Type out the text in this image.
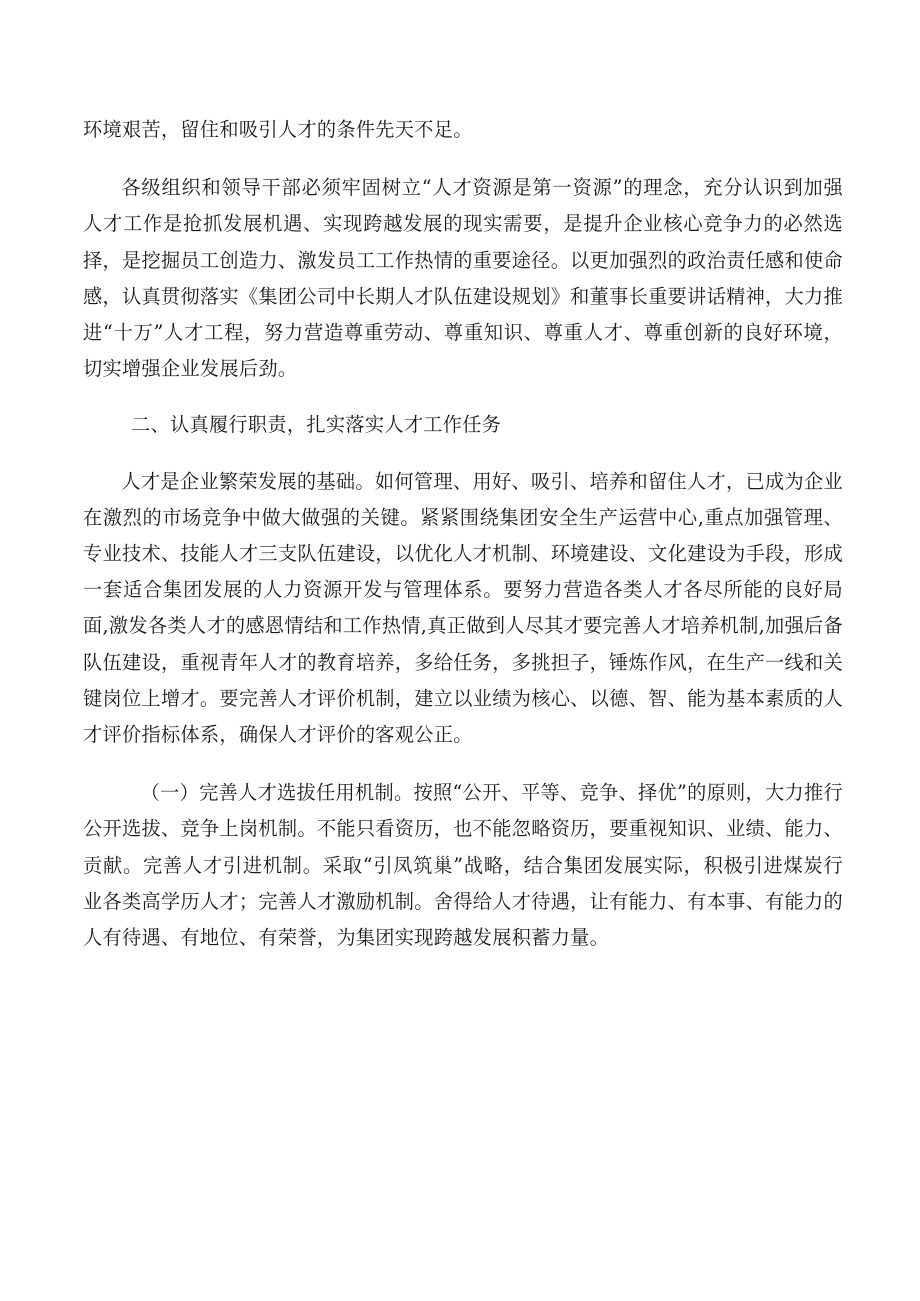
环境艰苦，留住和吸引人才的条件先天不足。

各级组织和领导干部必须牢固树立“人才资源是第一资源”的理念，充分认识到加强人才工作是抢抓发展机遇、实现跨越发展的现实需要，是提升企业核心竞争力的必然选择，是挖掘员工创造力、激发员工工作热情的重要途径。以更加强烈的政治责任感和使命感，认真贯彻落实《集团公司中长期人才队伍建设规划》和董事长重要讲话精神，大力推进“十万”人才工程，努力营造尊重劳动、尊重知识、尊重人才、尊重创新的良好环境，切实增强企业发展后劲。

二、认真履行职责，扎实落实人才工作任务

人才是企业繁荣发展的基础。如何管理、用好、吸引、培养和留住人才，已成为企业在激烈的市场竞争中做大做强的关键。紧紧围绕集团安全生产运营中心,重点加强管理、专业技术、技能人才三支队伍建设，以优化人才机制、环境建设、文化建设为手段，形成一套适合集团发展的人力资源开发与管理体系。要努力营造各类人才各尽所能的良好局面,激发各类人才的感恩情结和工作热情,真正做到人尽其才要完善人才培养机制,加强后备队伍建设，重视青年人才的教育培养，多给任务，多挑担子，锤炼作风，在生产一线和关键岗位上增才。要完善人才评价机制，建立以业绩为核心、以德、智、能为基本素质的人才评价指标体系，确保人才评价的客观公正。

（一）完善人才选拔任用机制。按照“公开、平等、竞争、择优”的原则，大力推行公开选拔、竞争上岗机制。不能只看资历，也不能忽略资历，要重视知识、业绩、能力、贡献。完善人才引进机制。采取“引凤筑巢”战略，结合集团发展实际，积极引进煤炭行业各类高学历人才；完善人才激励机制。舍得给人才待遇，让有能力、有本事、有能力的人有待遇、有地位、有荣誉，为集团实现跨越发展积蓄力量。
